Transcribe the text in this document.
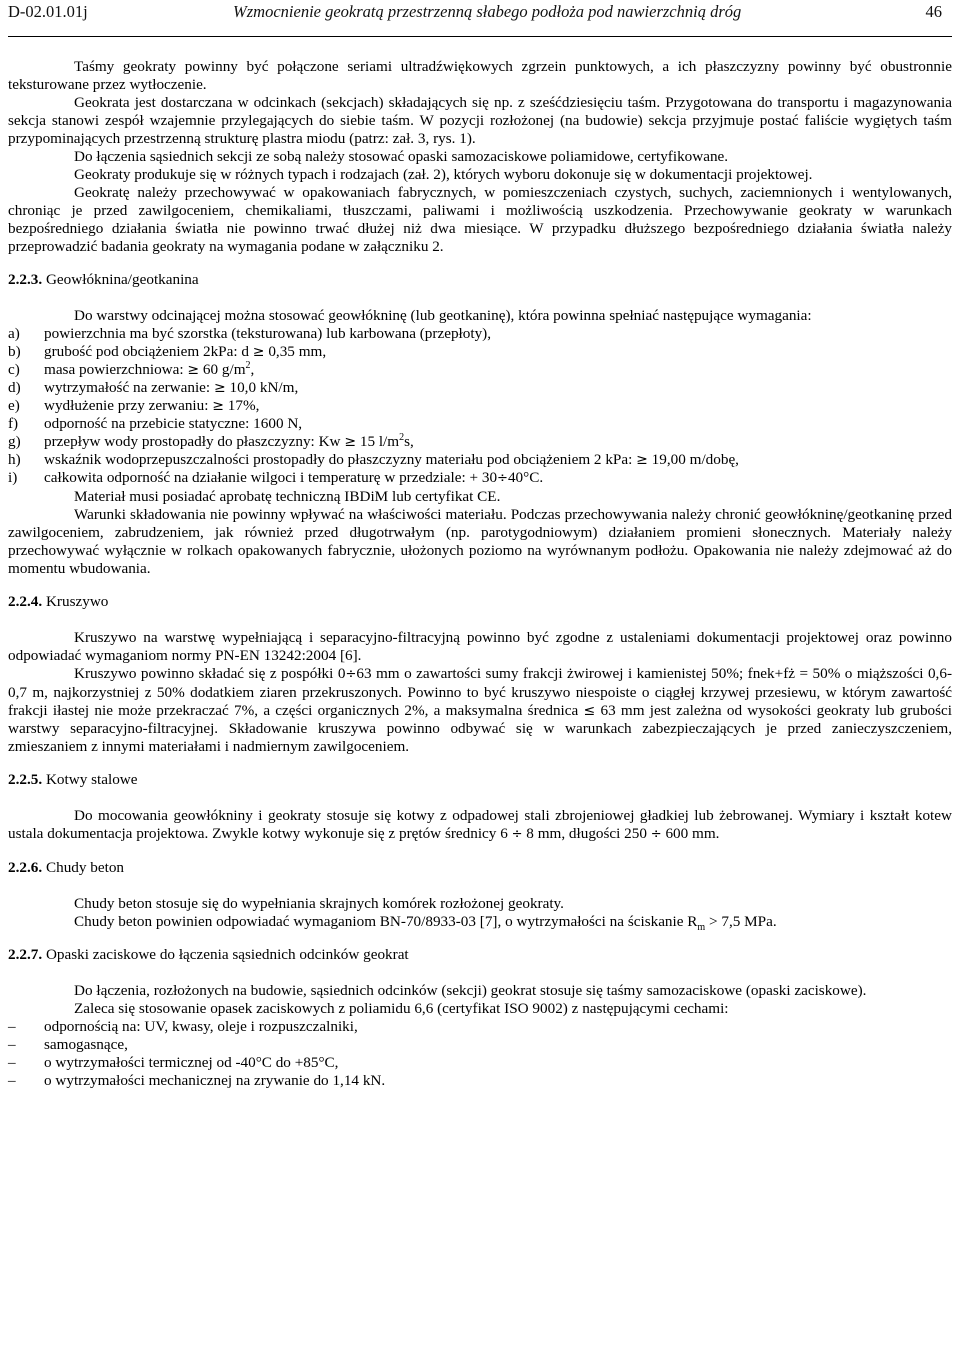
D-02.01.01j	Wzmocnienie geokratą przestrzenną słabego podłoża pod nawierzchnią dróg	46

Taśmy geokraty powinny być połączone seriami ultradźwiękowych zgrzein punktowych, a ich płaszczyzny powinny być obustronnie teksturowane przez wytłoczenie.

Geokrata jest dostarczana w odcinkach (sekcjach) składających się np. z sześćdziesięciu taśm. Przygotowana do transportu i magazynowania sekcja stanowi zespół wzajemnie przylegających do siebie taśm. W pozycji rozłożonej (na budowie) sekcja przyjmuje postać faliście wygiętych taśm przypominających przestrzenną strukturę plastra miodu (patrz: zał. 3, rys. 1).

Do łączenia sąsiednich sekcji ze sobą należy stosować opaski samozaciskowe poliamidowe, certyfikowane.

Geokraty produkuje się w różnych typach i rodzajach (zał. 2), których wyboru dokonuje się w dokumentacji projektowej.

Geokratę należy przechowywać w opakowaniach fabrycznych, w pomieszczeniach czystych, suchych, zaciemnionych i wentylowanych, chroniąc je przed zawilgoceniem, chemikaliami, tłuszczami, paliwami i możliwością uszkodzenia. Przechowywanie geokraty w warunkach bezpośredniego działania światła nie powinno trwać dłużej niż dwa miesiące. W przypadku dłuższego bezpośredniego działania światła należy przeprowadzić badania geokraty na wymagania podane w załączniku 2.

2.2.3. Geowłóknina/geotkanina

Do warstwy odcinającej można stosować geowłókninę (lub geotkaninę), która powinna spełniać następujące wymagania:

a)	powierzchnia ma być szorstka (teksturowana) lub karbowana (przepłoty),
b)	grubość pod obciążeniem 2kPa: d ≥ 0,35 mm,
c)	masa powierzchniowa: ≥ 60 $g/m^2$,
d)	wytrzymałość na zerwanie: ≥ 10,0 kN/m,
e)	wydłużenie przy zerwaniu: ≥ 17%,
f)	odporność na przebicie statyczne: 1600 N,
g)	przepływ wody prostopadły do płaszczyzny: Kw ≥ 15 $l/m^2s$,
h)	wskaźnik wodoprzepuszczalności prostopadły do płaszczyzny materiału pod obciążeniem 2 kPa: ≥ 19,00 m/dobę,
i)	całkowita odporność na działanie wilgoci i temperaturę w przedziale: + 30÷40°C.

Materiał musi posiadać aprobatę techniczną IBDiM lub certyfikat CE.

Warunki składowania nie powinny wpływać na właściwości materiału. Podczas przechowywania należy chronić geowłókninę/geotkaninę przed zawilgoceniem, zabrudzeniem, jak również przed długotrwałym (np. parotygodniowym) działaniem promieni słonecznych. Materiały należy przechowywać wyłącznie w rolkach opakowanych fabrycznie, ułożonych poziomo na wyrównanym podłożu. Opakowania nie należy zdejmować aż do momentu wbudowania.

2.2.4. Kruszywo

Kruszywo na warstwę wypełniającą i separacyjno-filtracyjną powinno być zgodne z ustaleniami dokumentacji projektowej oraz powinno odpowiadać wymaganiom normy PN-EN 13242:2004 [6].

Kruszywo powinno składać się z pospółki 0÷63 mm o zawartości sumy frakcji żwirowej i kamienistej 50%; fnek+fż = 50% o miąższości 0,6-0,7 m, najkorzystniej z 50% dodatkiem ziaren przekruszonych. Powinno to być kruszywo niespoiste o ciągłej krzywej przesiewu, w którym zawartość frakcji iłastej nie może przekraczać 7%, a części organicznych 2%, a maksymalna średnica ≤ 63 mm jest zależna od wysokości geokraty lub grubości warstwy separacyjno-filtracyjnej. Składowanie kruszywa powinno odbywać się w warunkach zabezpieczających je przed zanieczyszczeniem, zmieszaniem z innymi materiałami i nadmiernym zawilgoceniem.

2.2.5. Kotwy stalowe

Do mocowania geowłókniny i geokraty stosuje się kotwy z odpadowej stali zbrojeniowej gładkiej lub żebrowanej. Wymiary i kształt kotew ustala dokumentacja projektowa. Zwykle kotwy wykonuje się z prętów średnicy 6 ÷ 8 mm, długości 250 ÷ 600 mm.

2.2.6. Chudy beton

Chudy beton stosuje się do wypełniania skrajnych komórek rozłożonej geokraty.

Chudy beton powinien odpowiadać wymaganiom BN-70/8933-03 [7], o wytrzymałości na ściskanie $R_m > 7,5$ MPa.

2.2.7. Opaski zaciskowe do łączenia sąsiednich odcinków geokrat

Do łączenia, rozłożonych na budowie, sąsiednich odcinków (sekcji) geokrat stosuje się taśmy samozaciskowe (opaski zaciskowe).

Zaleca się stosowanie opasek zaciskowych z poliamidu 6,6 (certyfikat ISO 9002) z następującymi cechami:

–	odpornością na: UV, kwasy, oleje i rozpuszczalniki,
–	samogasnące,
–	o wytrzymałości termicznej od -40°C do +85°C,
–	o wytrzymałości mechanicznej na zrywanie do 1,14 kN.
